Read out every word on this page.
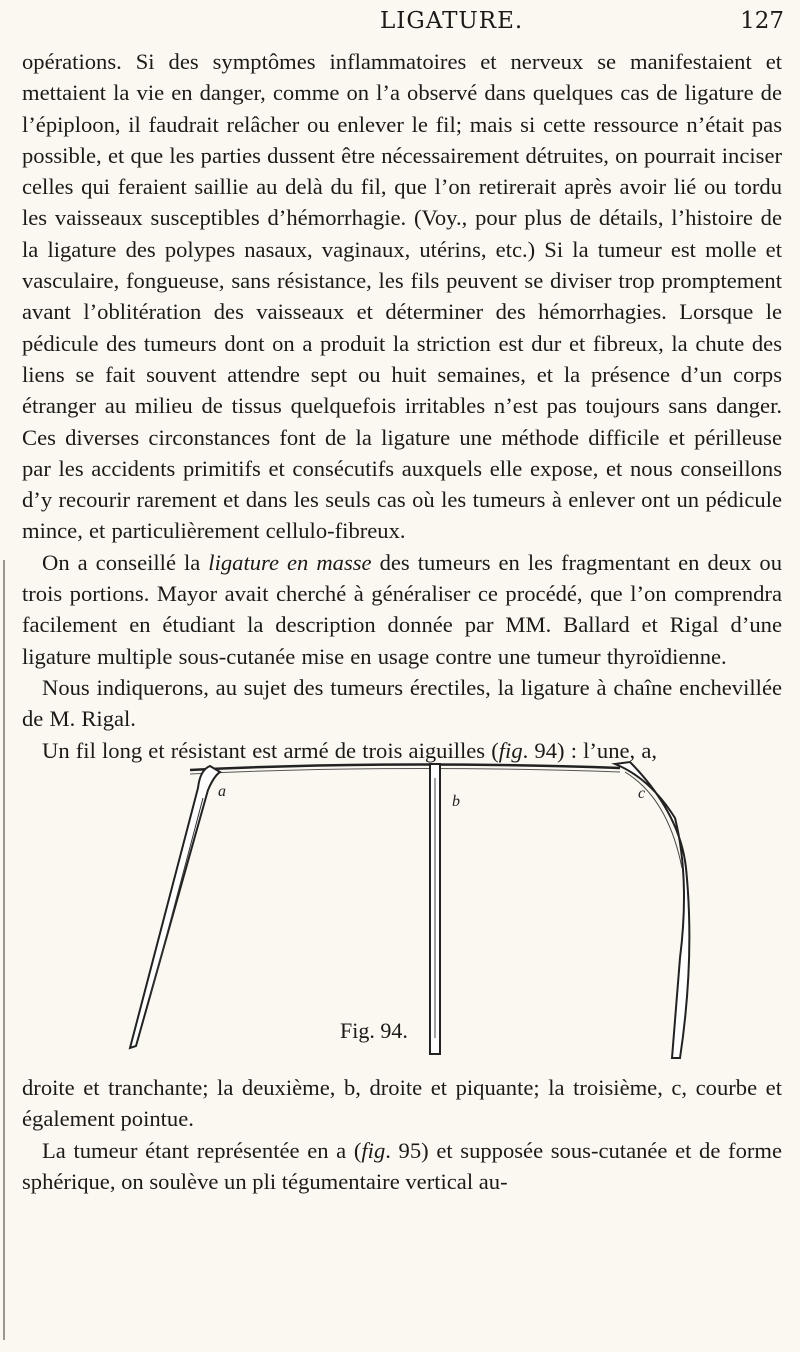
LIGATURE.	127

opérations. Si des symptômes inflammatoires et nerveux se manifestaient et mettaient la vie en danger, comme on l’a observé dans quelques cas de ligature de l’épiploon, il faudrait relâcher ou enlever le fil; mais si cette ressource n’était pas possible, et que les parties dussent être nécessairement détruites, on pourrait inciser celles qui feraient saillie au delà du fil, que l’on retirerait après avoir lié ou tordu les vaisseaux susceptibles d’hémorrhagie. (Voy., pour plus de détails, l’histoire de la ligature des polypes nasaux, vaginaux, utérins, etc.) Si la tumeur est molle et vasculaire, fongueuse, sans résistance, les fils peuvent se diviser trop promptement avant l’oblitération des vaisseaux et déterminer des hémorrhagies. Lorsque le pédicule des tumeurs dont on a produit la striction est dur et fibreux, la chute des liens se fait souvent attendre sept ou huit semaines, et la présence d’un corps étranger au milieu de tissus quelquefois irritables n’est pas toujours sans danger. Ces diverses circonstances font de la ligature une méthode difficile et périlleuse par les accidents primitifs et consécutifs auxquels elle expose, et nous conseillons d’y recourir rarement et dans les seuls cas où les tumeurs à enlever ont un pédicule mince, et particulièrement cellulo-fibreux.

On a conseillé la ligature en masse des tumeurs en les fragmentant en deux ou trois portions. Mayor avait cherché à généraliser ce procédé, que l’on comprendra facilement en étudiant la description donnée par MM. Ballard et Rigal d’une ligature multiple sous-cutanée mise en usage contre une tumeur thyroïdienne.

Nous indiquerons, au sujet des tumeurs érectiles, la ligature à chaîne enchevillée de M. Rigal.

Un fil long et résistant est armé de trois aiguilles (fig. 94) : l’une, a,

a
b	c
Fig. 94.

droite et tranchante; la deuxième, b, droite et piquante; la troisième, c, courbe et également pointue.

La tumeur étant représentée en a (fig. 95) et supposée sous-cutanée et de forme sphérique, on soulève un pli tégumentaire vertical au-
